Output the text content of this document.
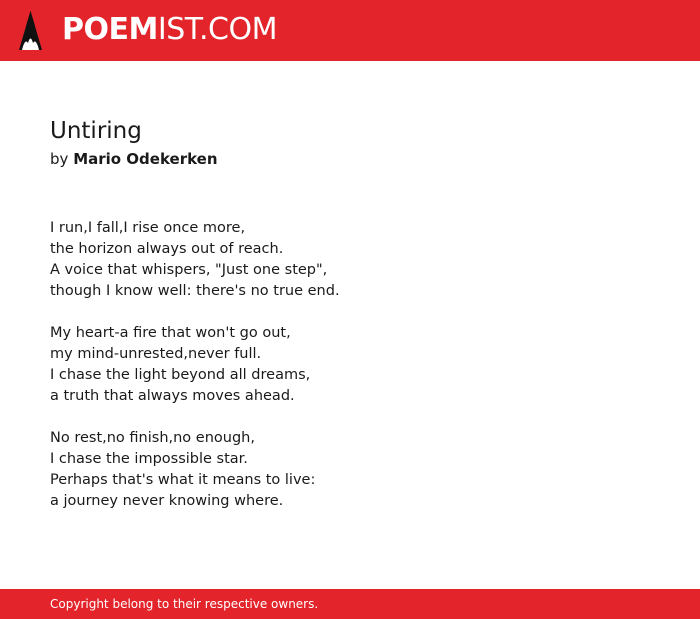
POEMIST.COM
Untiring
by Mario Odekerken
I run,I fall,I rise once more,
the horizon always out of reach.
A voice that whispers, "Just one step",
though I know well: there's no true end.
My heart-a fire that won't go out,
my mind-unrested,never full.
I chase the light beyond all dreams,
a truth that always moves ahead.
No rest,no finish,no enough,
I chase the impossible star.
Perhaps that's what it means to live:
a journey never knowing where.
Copyright belong to their respective owners.
